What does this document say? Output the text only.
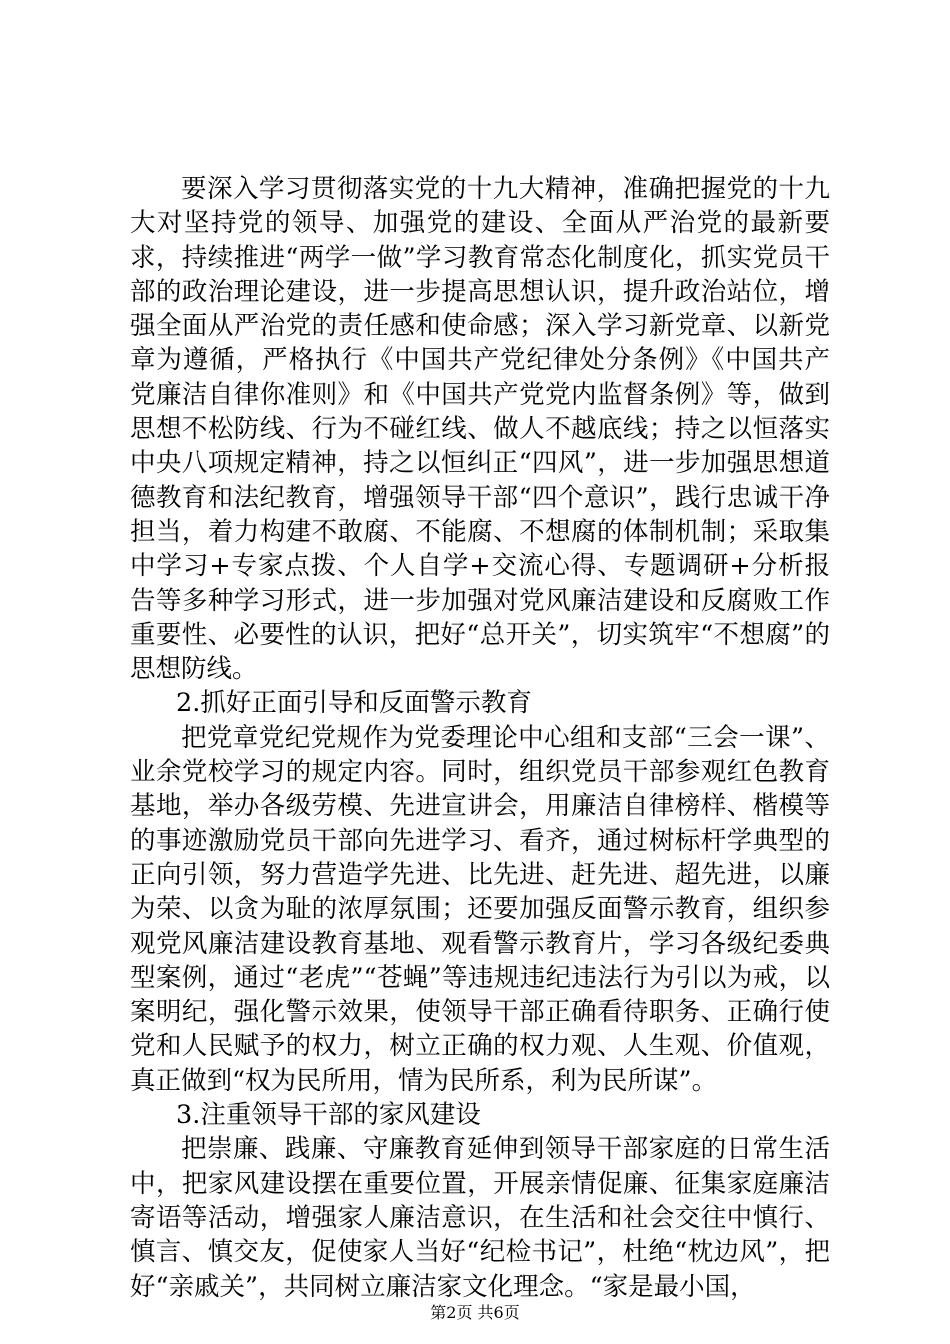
要深入学习贯彻落实党的十九大精神，准确把握党的十九大对坚持党的领导、加强党的建设、全面从严治党的最新要求，持续推进“两学一做”学习教育常态化制度化，抓实党员干部的政治理论建设，进一步提高思想认识，提升政治站位，增强全面从严治党的责任感和使命感；深入学习新党章、以新党章为遵循，严格执行《中国共产党纪律处分条例》《中国共产党廉洁自律你准则》和《中国共产党党内监督条例》等，做到思想不松防线、行为不碰红线、做人不越底线；持之以恒落实中央八项规定精神，持之以恒纠正“四风”，进一步加强思想道德教育和法纪教育，增强领导干部“四个意识”，践行忠诚干净担当，着力构建不敢腐、不能腐、不想腐的体制机制；采取集中学习+专家点拨、个人自学+交流心得、专题调研+分析报告等多种学习形式，进一步加强对党风廉洁建设和反腐败工作重要性、必要性的认识，把好“总开关”，切实筑牢“不想腐”的思想防线。

2.抓好正面引导和反面警示教育

把党章党纪党规作为党委理论中心组和支部“三会一课”、业余党校学习的规定内容。同时，组织党员干部参观红色教育基地，举办各级劳模、先进宣讲会，用廉洁自律榜样、楷模等的事迹激励党员干部向先进学习、看齐，通过树标杆学典型的正向引领，努力营造学先进、比先进、赶先进、超先进，以廉为荣、以贪为耻的浓厚氛围；还要加强反面警示教育，组织参观党风廉洁建设教育基地、观看警示教育片，学习各级纪委典型案例，通过“老虎”“苍蝇”等违规违纪违法行为引以为戒，以案明纪，强化警示效果，使领导干部正确看待职务、正确行使党和人民赋予的权力，树立正确的权力观、人生观、价值观，真正做到“权为民所用，情为民所系，利为民所谋”。

3.注重领导干部的家风建设

把崇廉、践廉、守廉教育延伸到领导干部家庭的日常生活中，把家风建设摆在重要位置，开展亲情促廉、征集家庭廉洁寄语等活动，增强家人廉洁意识，在生活和社会交往中慎行、慎言、慎交友，促使家人当好“纪检书记”，杜绝“枕边风”，把好“亲戚关”，共同树立廉洁家文化理念。“家是最小国，

第2页 共6页
